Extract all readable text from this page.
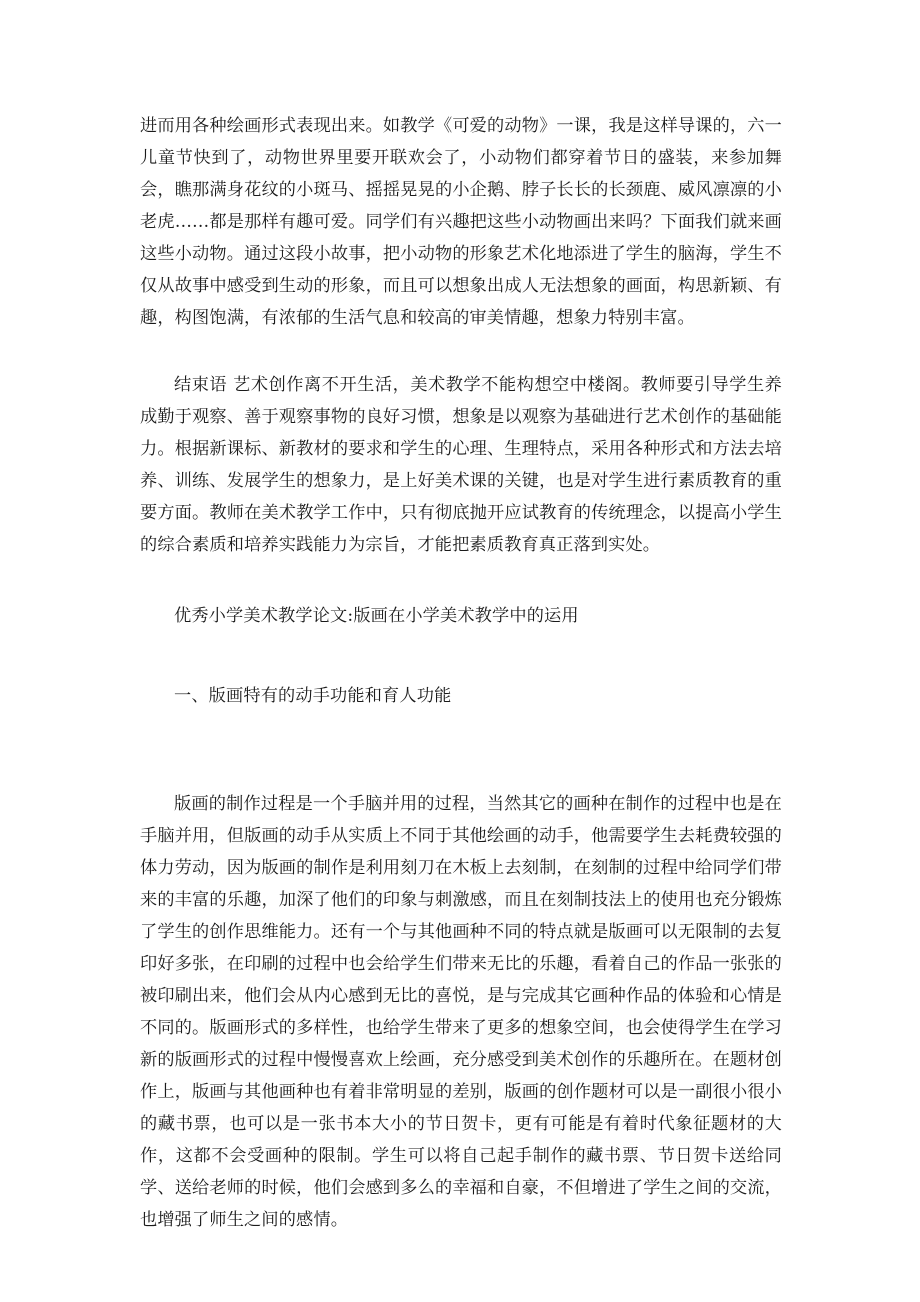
进而用各种绘画形式表现出来。如教学《可爱的动物》一课，我是这样导课的，六一儿童节快到了，动物世界里要开联欢会了，小动物们都穿着节日的盛装，来参加舞会，瞧那满身花纹的小斑马、摇摇晃晃的小企鹅、脖子长长的长颈鹿、威风凛凛的小老虎……都是那样有趣可爱。同学们有兴趣把这些小动物画出来吗？下面我们就来画这些小动物。通过这段小故事，把小动物的形象艺术化地添进了学生的脑海，学生不仅从故事中感受到生动的形象，而且可以想象出成人无法想象的画面，构思新颖、有趣，构图饱满，有浓郁的生活气息和较高的审美情趣，想象力特别丰富。

结束语 艺术创作离不开生活，美术教学不能构想空中楼阁。教师要引导学生养成勤于观察、善于观察事物的良好习惯，想象是以观察为基础进行艺术创作的基础能力。根据新课标、新教材的要求和学生的心理、生理特点，采用各种形式和方法去培养、训练、发展学生的想象力，是上好美术课的关键，也是对学生进行素质教育的重要方面。教师在美术教学工作中，只有彻底抛开应试教育的传统理念，以提高小学生的综合素质和培养实践能力为宗旨，才能把素质教育真正落到实处。

优秀小学美术教学论文:版画在小学美术教学中的运用

一、版画特有的动手功能和育人功能

版画的制作过程是一个手脑并用的过程，当然其它的画种在制作的过程中也是在手脑并用，但版画的动手从实质上不同于其他绘画的动手，他需要学生去耗费较强的体力劳动，因为版画的制作是利用刻刀在木板上去刻制，在刻制的过程中给同学们带来的丰富的乐趣，加深了他们的印象与刺激感，而且在刻制技法上的使用也充分锻炼了学生的创作思维能力。还有一个与其他画种不同的特点就是版画可以无限制的去复印好多张，在印刷的过程中也会给学生们带来无比的乐趣，看着自己的作品一张张的被印刷出来，他们会从内心感到无比的喜悦，是与完成其它画种作品的体验和心情是不同的。版画形式的多样性，也给学生带来了更多的想象空间，也会使得学生在学习新的版画形式的过程中慢慢喜欢上绘画，充分感受到美术创作的乐趣所在。在题材创作上，版画与其他画种也有着非常明显的差别，版画的创作题材可以是一副很小很小的藏书票，也可以是一张书本大小的节日贺卡，更有可能是有着时代象征题材的大作，这都不会受画种的限制。学生可以将自己起手制作的藏书票、节日贺卡送给同学、送给老师的时候，他们会感到多么的幸福和自豪，不但增进了学生之间的交流，也增强了师生之间的感情。
